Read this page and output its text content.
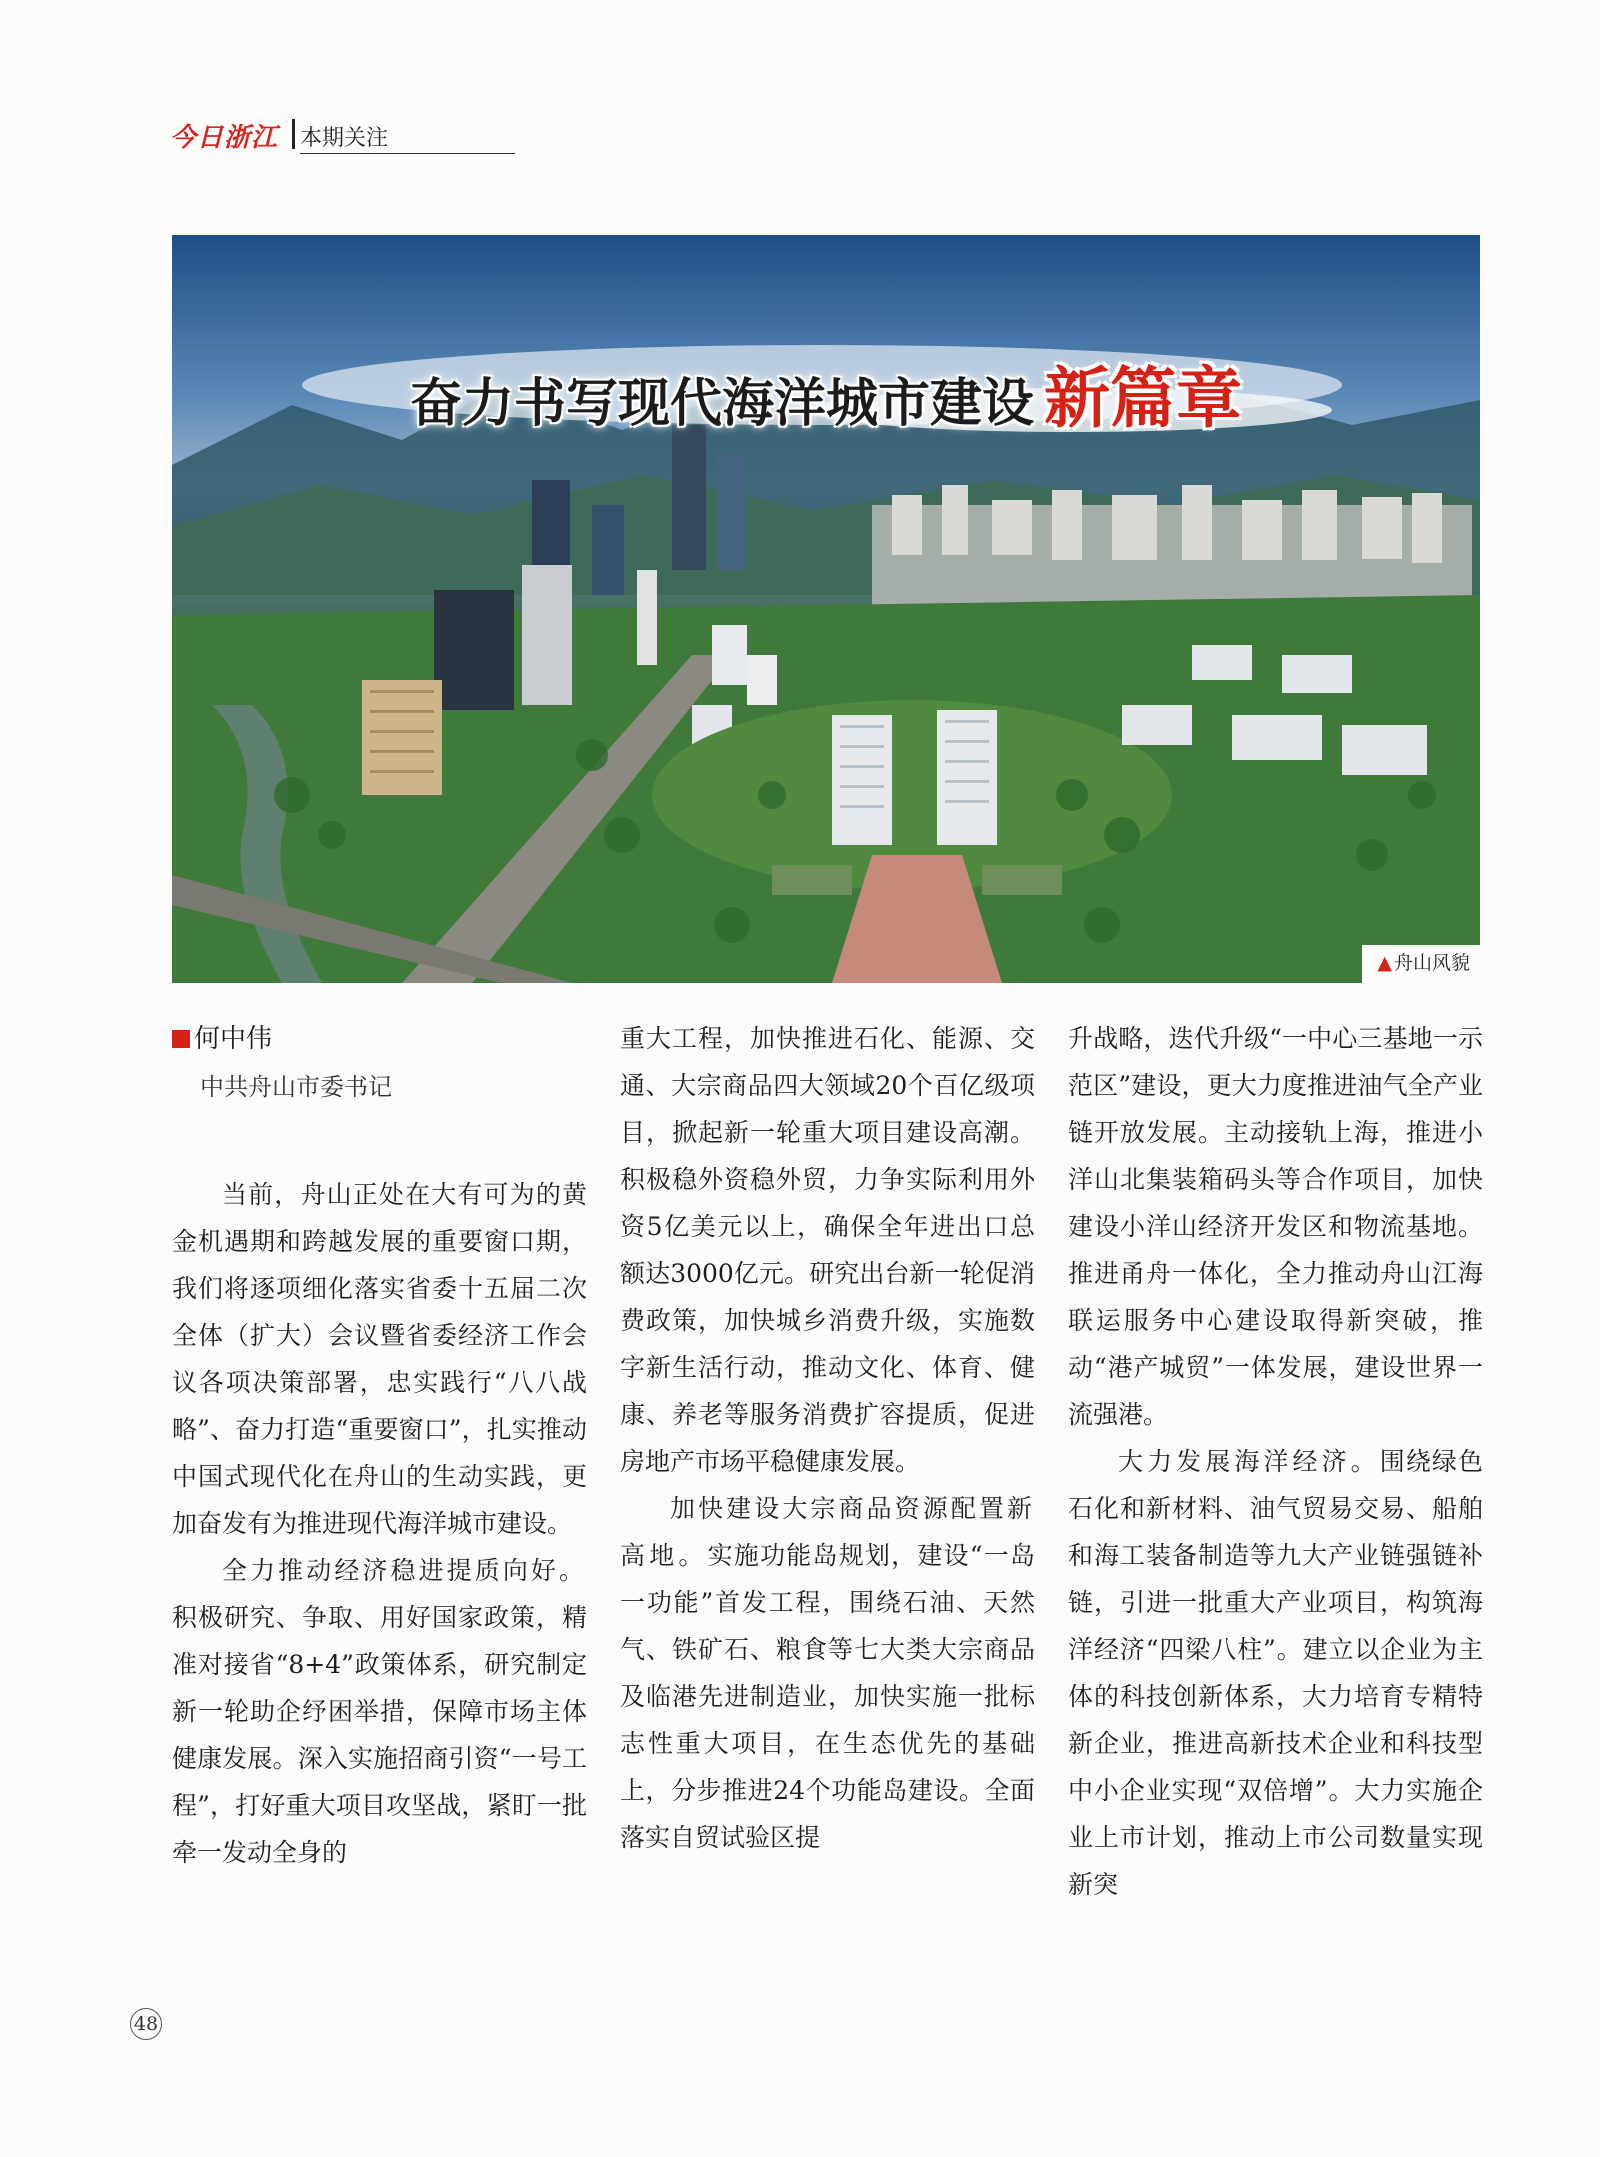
今日浙江 本期关注
奋力书写现代海洋城市建设 新篇章
▲ 舟山风貌
何中伟
中共舟山市委书记

当前，舟山正处在大有可为的黄金机遇期和跨越发展的重要窗口期，我们将逐项细化落实省委十五届二次全体（扩大）会议暨省委经济工作会议各项决策部署，忠实践行“八八战略”、奋力打造“重要窗口”，扎实推动中国式现代化在舟山的生动实践，更加奋发有为推进现代海洋城市建设。

全力推动经济稳进提质向好。积极研究、争取、用好国家政策，精准对接省“8+4”政策体系，研究制定新一轮助企纾困举措，保障市场主体健康发展。深入实施招商引资“一号工程”，打好重大项目攻坚战，紧盯一批牵一发动全身的

重大工程，加快推进石化、能源、交通、大宗商品四大领域20个百亿级项目，掀起新一轮重大项目建设高潮。积极稳外资稳外贸，力争实际利用外资5亿美元以上，确保全年进出口总额达3000亿元。研究出台新一轮促消费政策，加快城乡消费升级，实施数字新生活行动，推动文化、体育、健康、养老等服务消费扩容提质，促进房地产市场平稳健康发展。

加快建设大宗商品资源配置新高地。实施功能岛规划，建设“一岛一功能”首发工程，围绕石油、天然气、铁矿石、粮食等七大类大宗商品及临港先进制造业，加快实施一批标志性重大项目，在生态优先的基础上，分步推进24个功能岛建设。全面落实自贸试验区提

升战略，迭代升级“一中心三基地一示范区”建设，更大力度推进油气全产业链开放发展。主动接轨上海，推进小洋山北集装箱码头等合作项目，加快建设小洋山经济开发区和物流基地。推进甬舟一体化，全力推动舟山江海联运服务中心建设取得新突破，推动“港产城贸”一体发展，建设世界一流强港。

大力发展海洋经济。围绕绿色石化和新材料、油气贸易交易、船舶和海工装备制造等九大产业链强链补链，引进一批重大产业项目，构筑海洋经济“四梁八柱”。建立以企业为主体的科技创新体系，大力培育专精特新企业，推进高新技术企业和科技型中小企业实现“双倍增”。大力实施企业上市计划，推动上市公司数量实现新突

48
